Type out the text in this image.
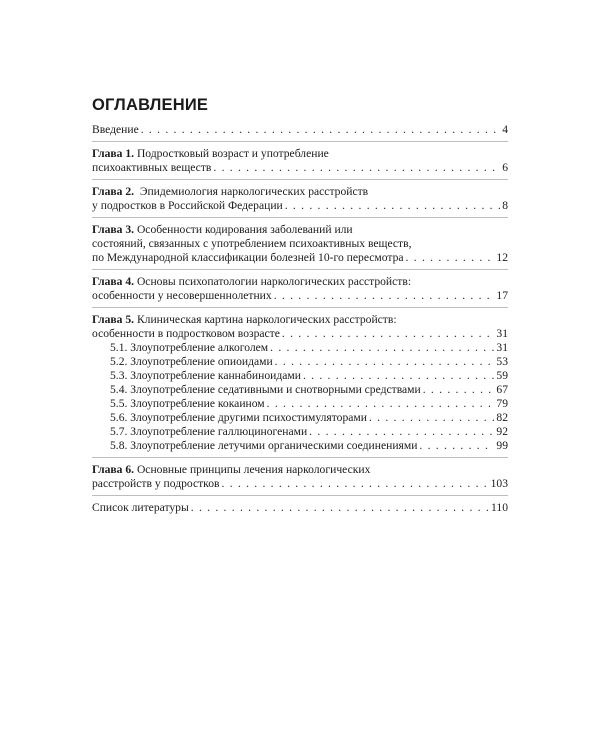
ОГЛАВЛЕНИЕ
Введение . . .	4
Глава 1. Подростковый возраст и употребление
психоактивных веществ . . .	6
Глава 2. Эпидемиология наркологических расстройств
у подростков в Российской Федерации . . .	8
Глава 3. Особенности кодирования заболеваний или
состояний, связанных с употреблением психоактивных веществ,
по Международной классификации болезней 10-го пересмотра . . .	12
Глава 4. Основы психопатологии наркологических расстройств:
особенности у несовершеннолетних . . .	17
Глава 5. Клиническая картина наркологических расстройств:
особенности в подростковом возрасте . . .	31
5.1. Злоупотребление алкоголем . . .	31
5.2. Злоупотребление опиоидами . . .	53
5.3. Злоупотребление каннабиноидами . . .	59
5.4. Злоупотребление седативными и снотворными средствами . . .	67
5.5. Злоупотребление кокаином . . .	79
5.6. Злоупотребление другими психостимуляторами . . .	82
5.7. Злоупотребление галлюциногенами . . .	92
5.8. Злоупотребление летучими органическими соединениями . . .	99
Глава 6. Основные принципы лечения наркологических
расстройств у подростков . . .	103
Список литературы . . .	110
